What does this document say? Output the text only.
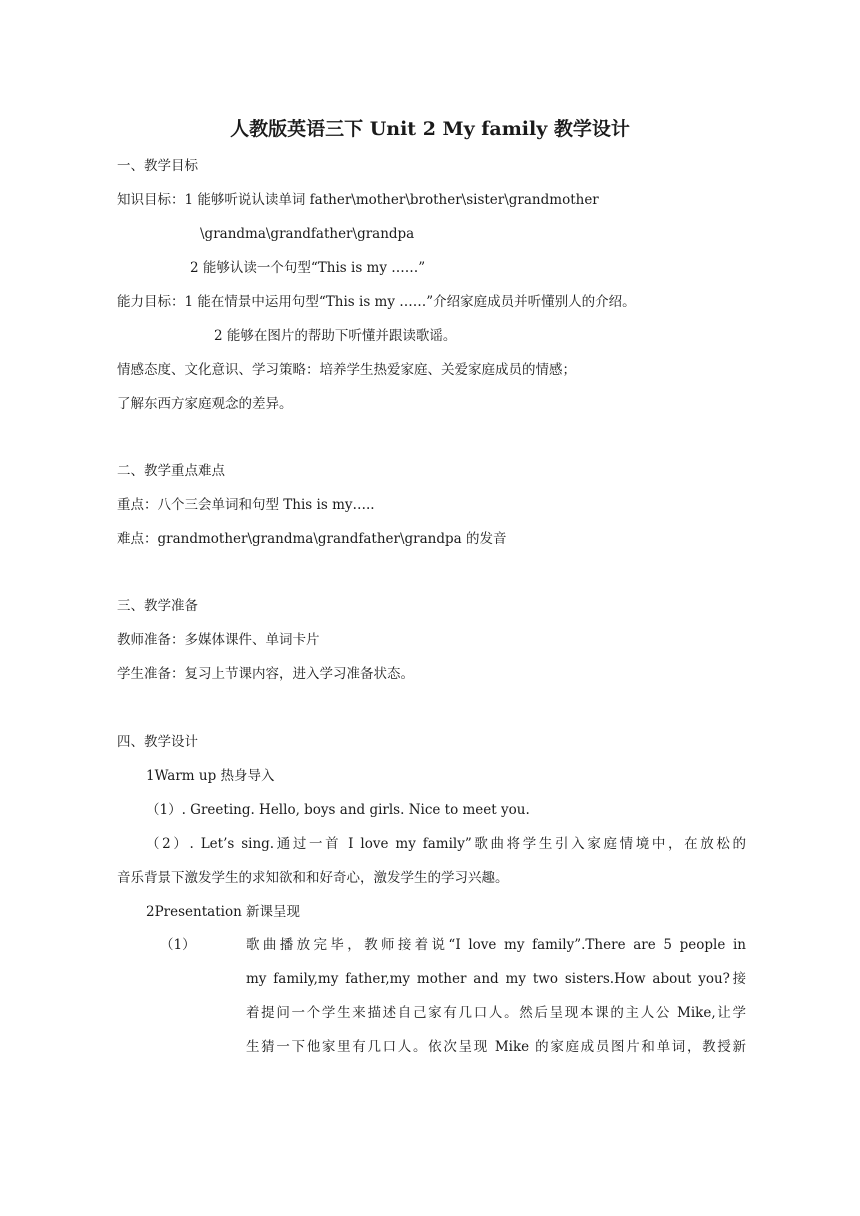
人教版英语三下 Unit 2 My family 教学设计
一、教学目标
知识目标：1 能够听说认读单词 father\mother\brother\sister\grandmother
\grandma\grandfather\grandpa
2 能够认读一个句型“This is my ……”
能力目标：1 能在情景中运用句型“This is my ……”介绍家庭成员并听懂别人的介绍。
2 能够在图片的帮助下听懂并跟读歌谣。
情感态度、文化意识、学习策略：培养学生热爱家庭、关爱家庭成员的情感；
了解东西方家庭观念的差异。
二、教学重点难点
重点：八个三会单词和句型 This is my…..
难点：grandmother\grandma\grandfather\grandpa 的发音
三、教学准备
教师准备：多媒体课件、单词卡片
学生准备：复习上节课内容，进入学习准备状态。
四、教学设计
1Warm up 热身导入
（1）. Greeting. Hello, boys and girls. Nice to meet you.
（2）. Let’s sing.通过一首 I love my family”歌曲将学生引入家庭情境中，在放松的
音乐背景下激发学生的求知欲和和好奇心，激发学生的学习兴趣。
2Presentation 新课呈现
（1）	歌曲播放完毕，教师接着说“I love my family”.There are 5 people in
my family,my father,my mother and my two sisters.How about you?接
着提问一个学生来描述自己家有几口人。然后呈现本课的主人公 Mike,让学
生猜一下他家里有几口人。依次呈现 Mike 的家庭成员图片和单词，教授新
